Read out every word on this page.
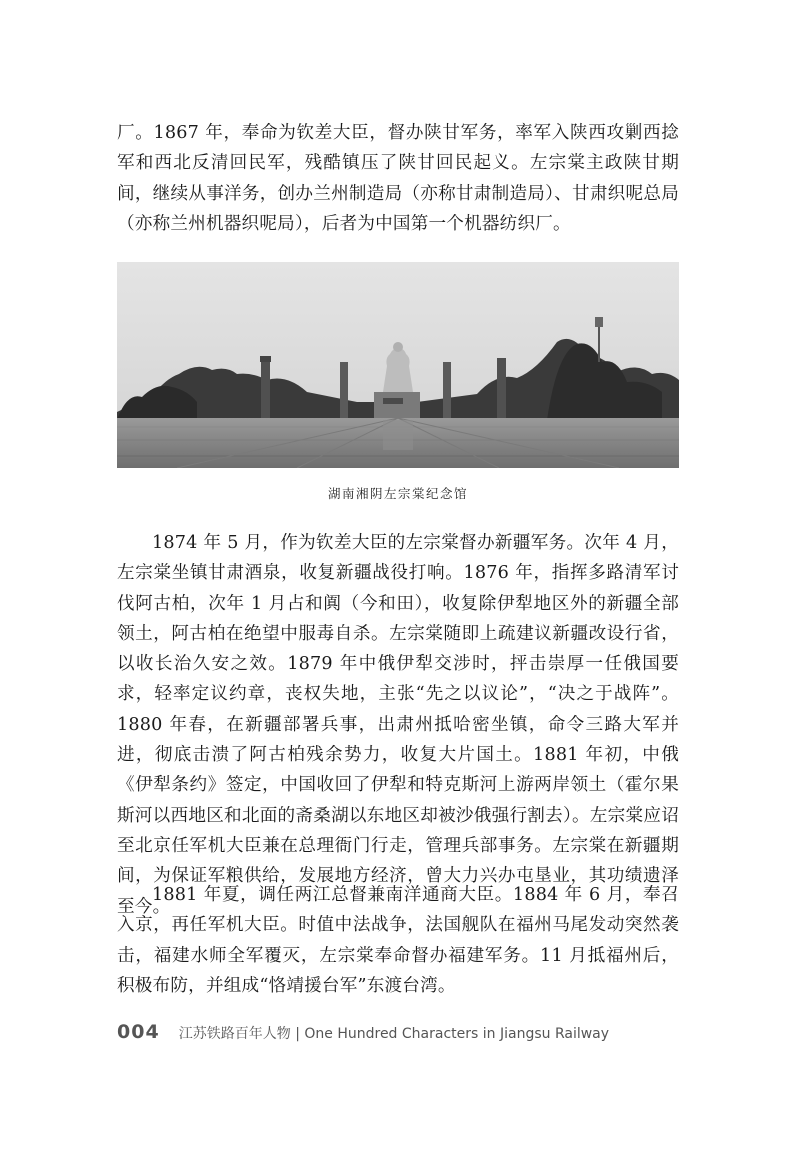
厂。1867 年，奉命为钦差大臣，督办陕甘军务，率军入陕西攻剿西捻军和西北反清回民军，残酷镇压了陕甘回民起义。左宗棠主政陕甘期间，继续从事洋务，创办兰州制造局（亦称甘肃制造局）、甘肃织呢总局（亦称兰州机器织呢局），后者为中国第一个机器纺织厂。

湖南湘阴左宗棠纪念馆

1874 年 5 月，作为钦差大臣的左宗棠督办新疆军务。次年 4 月，左宗棠坐镇甘肃酒泉，收复新疆战役打响。1876 年，指挥多路清军讨伐阿古柏，次年 1 月占和阗（今和田），收复除伊犁地区外的新疆全部领土，阿古柏在绝望中服毒自杀。左宗棠随即上疏建议新疆改设行省，以收长治久安之效。1879 年中俄伊犁交涉时，抨击崇厚一任俄国要求，轻率定议约章，丧权失地，主张“先之以议论”，“决之于战阵”。1880 年春，在新疆部署兵事，出肃州抵哈密坐镇，命令三路大军并进，彻底击溃了阿古柏残余势力，收复大片国土。1881 年初，中俄《伊犁条约》签定，中国收回了伊犁和特克斯河上游两岸领土（霍尔果斯河以西地区和北面的斋桑湖以东地区却被沙俄强行割去）。左宗棠应诏至北京任军机大臣兼在总理衙门行走，管理兵部事务。左宗棠在新疆期间，为保证军粮供给，发展地方经济，曾大力兴办屯垦业，其功绩遗泽至今。

1881 年夏，调任两江总督兼南洋通商大臣。1884 年 6 月，奉召入京，再任军机大臣。时值中法战争，法国舰队在福州马尾发动突然袭击，福建水师全军覆灭，左宗棠奉命督办福建军务。11 月抵福州后，积极布防，并组成“恪靖援台军”东渡台湾。

004 江苏铁路百年人物 | One Hundred Characters in Jiangsu Railway
